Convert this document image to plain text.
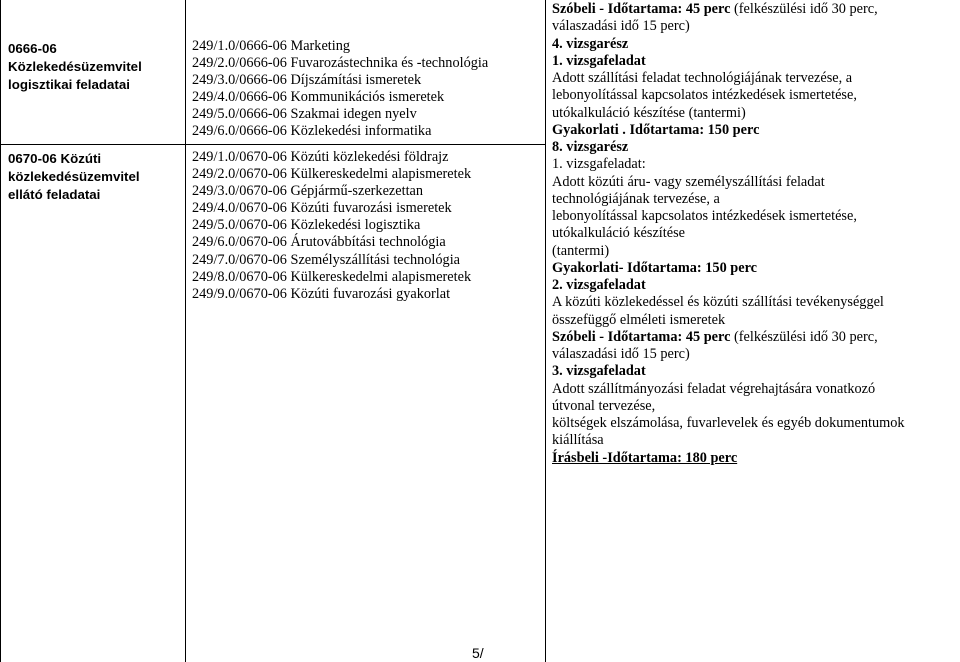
0666-06 Közlekedésüzemvitel logisztikai feladatai
0670-06 Közúti közlekedésüzemvitel ellátó feladatai
249/1.0/0666-06 Marketing
249/2.0/0666-06 Fuvarozástechnika és -technológia
249/3.0/0666-06 Díjszámítási ismeretek
249/4.0/0666-06 Kommunikációs ismeretek
249/5.0/0666-06 Szakmai idegen nyelv
249/6.0/0666-06 Közlekedési informatika
249/1.0/0670-06 Közúti közlekedési földrajz
249/2.0/0670-06 Külkereskedelmi alapismeretek
249/3.0/0670-06 Gépjármű-szerkezettan
249/4.0/0670-06 Közúti fuvarozási ismeretek
249/5.0/0670-06 Közlekedési logisztika
249/6.0/0670-06 Árutovábbítási technológia
249/7.0/0670-06 Személyszállítási technológia
249/8.0/0670-06 Külkereskedelmi alapismeretek
249/9.0/0670-06 Közúti fuvarozási gyakorlat
Szóbeli - Időtartama: 45 perc (felkészülési idő 30 perc,
válaszadási idő 15 perc)
4. vizsgarész
1. vizsgafeladat
Adott szállítási feladat technológiájának tervezése, a
lebonyolítással kapcsolatos intézkedések ismertetése,
utókalkuláció készítése (tantermi)
Gyakorlati . Időtartama: 150 perc
8. vizsgarész
1. vizsgafeladat:
Adott közúti áru- vagy személyszállítási feladat
technológiájának tervezése, a
lebonyolítással kapcsolatos intézkedések ismertetése,
utókalkuláció készítése
(tantermi)
Gyakorlati- Időtartama: 150 perc
2. vizsgafeladat
A közúti közlekedéssel és közúti szállítási tevékenységgel
összefüggő elméleti ismeretek
Szóbeli - Időtartama: 45 perc (felkészülési idő 30 perc,
válaszadási idő 15 perc)
3. vizsgafeladat
Adott szállítmányozási feladat végrehajtására vonatkozó
útvonal tervezése,
költségek elszámolása, fuvarlevelek és egyéb dokumentumok
kiállítása
Írásbeli -Időtartama: 180 perc
5/
